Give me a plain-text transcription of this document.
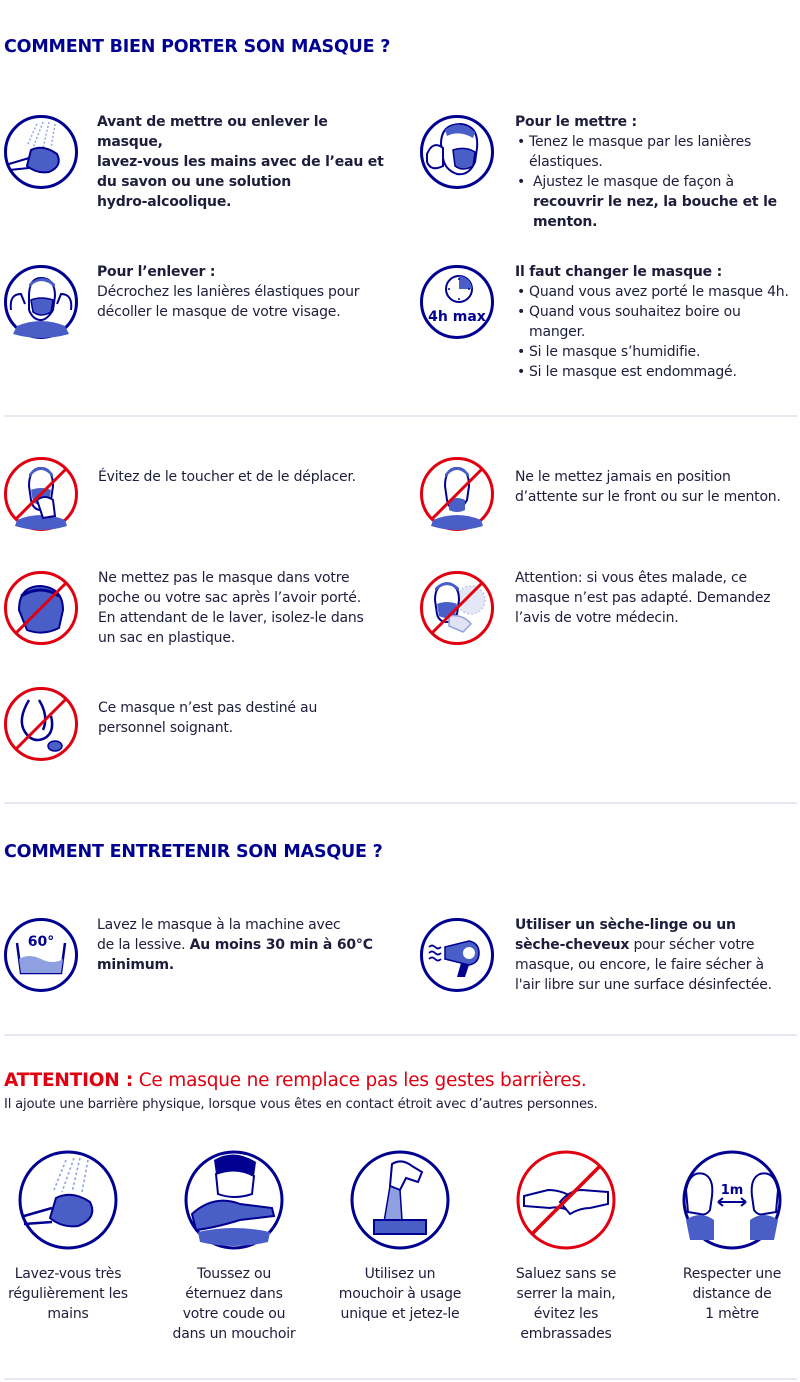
COMMENT BIEN PORTER SON MASQUE ?
Avant de mettre ou enlever le masque,
lavez-vous les mains avec de l’eau et
du savon ou une solution
hydro-alcoolique.
Pour le mettre :
• Tenez le masque par les lanières
élastiques.
• Ajustez le masque de façon à
recouvrir le nez, la bouche et le
menton.
Pour l’enlever :
Décrochez les lanières élastiques pour
décoller le masque de votre visage.	4h max
Il faut changer le masque :
• Quand vous avez porté le masque 4h.
• Quand vous souhaitez boire ou
manger.
• Si le masque s’humidifie.
• Si le masque est endommagé.
Évitez de le toucher et de le déplacer.	Ne le mettez jamais en position
d’attente sur le front ou sur le menton.
Ne mettez pas le masque dans votre
poche ou votre sac après l’avoir porté.
En attendant de le laver, isolez-le dans
un sac en plastique.
Attention: si vous êtes malade, ce
masque n’est pas adapté. Demandez
l’avis de votre médecin.
Ce masque n’est pas destiné au
personnel soignant.
COMMENT ENTRETENIR SON MASQUE ?
60°
Lavez le masque à la machine avec
de la lessive. Au moins 30 min à 60°C
minimum.
Utiliser un sèche-linge ou un
sèche-cheveux pour sécher votre
masque, ou encore, le faire sécher à
l'air libre sur une surface désinfectée.
ATTENTION : Ce masque ne remplace pas les gestes barrières.
Il ajoute une barrière physique, lorsque vous êtes en contact étroit avec d’autres personnes.
Lavez-vous très
régulièrement les
mains
Toussez ou
éternuez dans
votre coude ou
dans un mouchoir
Utilisez un
mouchoir à usage
unique et jetez-le
Saluez sans se
serrer la main,
évitez les
embrassades
1m
Respecter une
distance de
1 mètre
